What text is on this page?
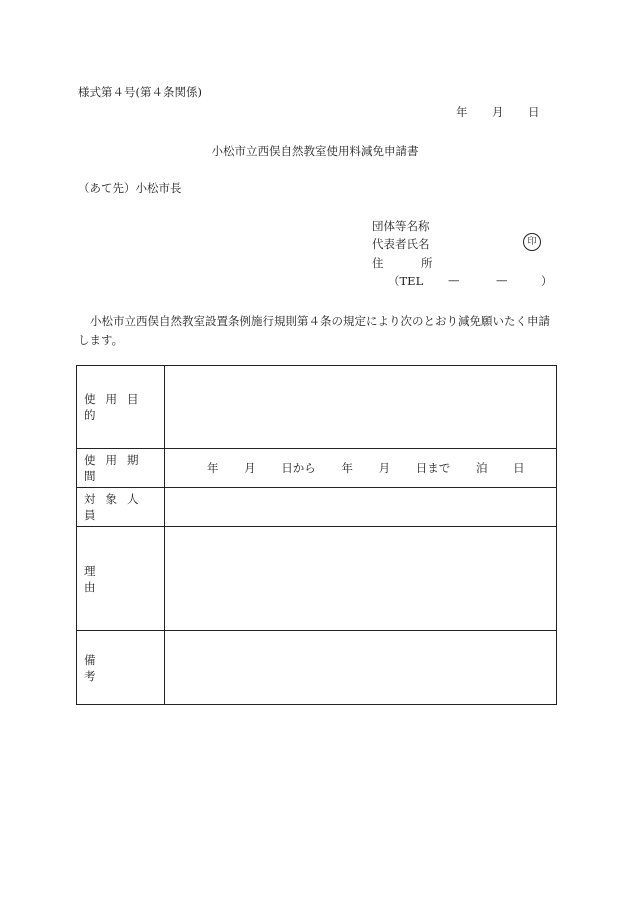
様式第４号(第４条関係)
年 月 日
小松市立西俣自然教室使用料減免申請書
（あて先）小松市長
団体等名称
代表者氏名	印
住	所
（TEL —	—	）

小松市立西俣自然教室設置条例施行規則第４条の規定により次のとおり減免願いたく申請します。

使用目的	
使用期間	年 月 日から 年 月 日まで 泊 日
対象人員	
理由	
備考	
